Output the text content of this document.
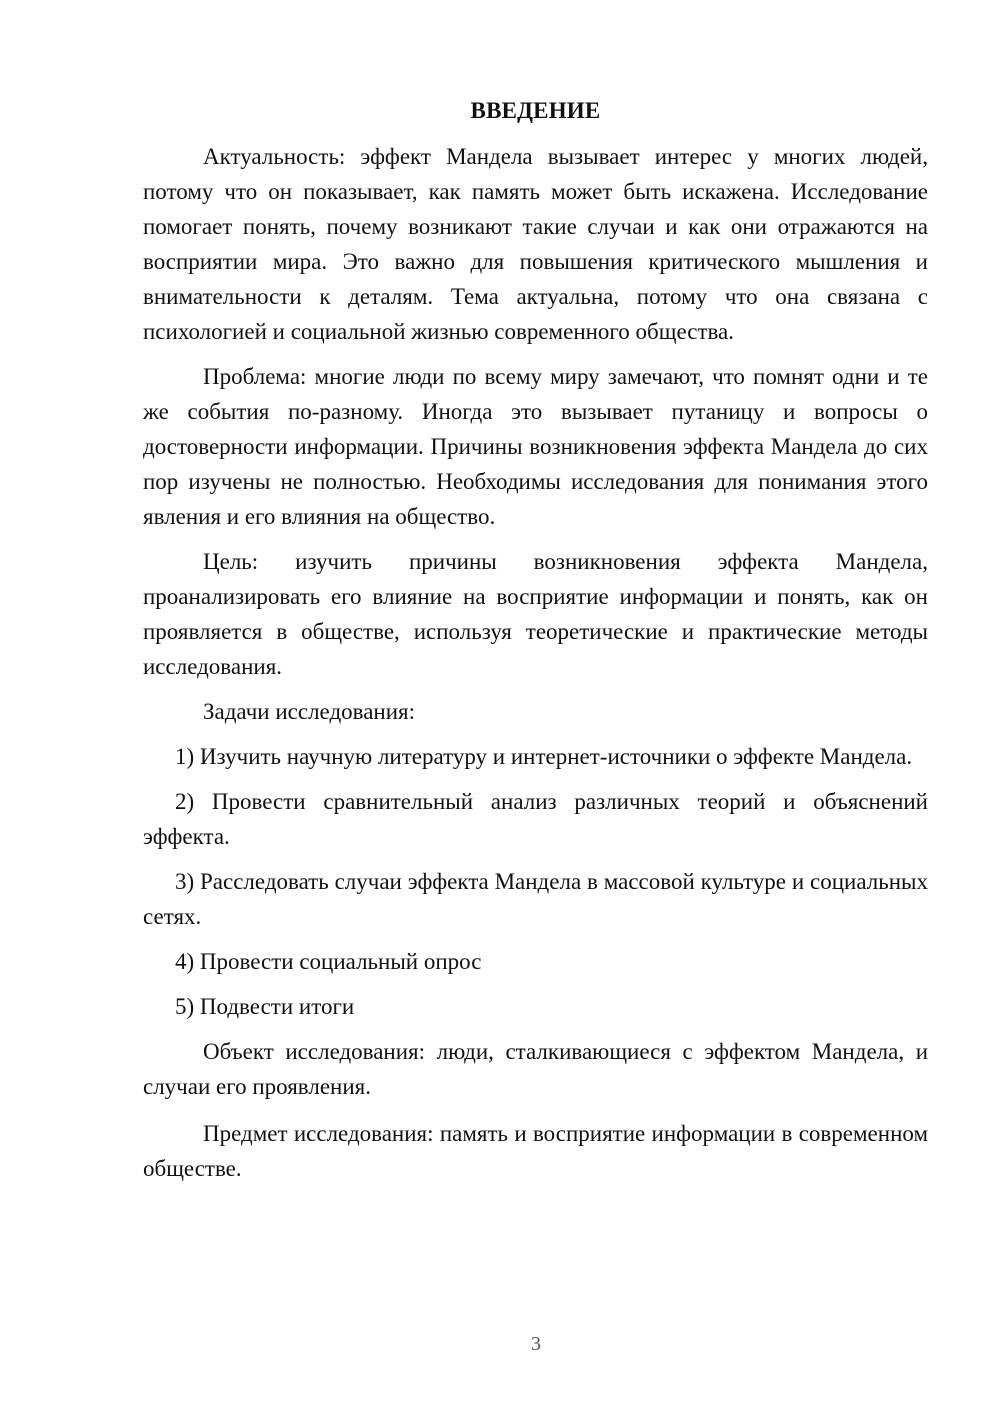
ВВЕДЕНИЕ

Актуальность: эффект Мандела вызывает интерес у многих людей, потому что он показывает, как память может быть искажена. Исследование помогает понять, почему возникают такие случаи и как они отражаются на восприятии мира. Это важно для повышения критического мышления и внимательности к деталям. Тема актуальна, потому что она связана с психологией и социальной жизнью современного общества.

Проблема: многие люди по всему миру замечают, что помнят одни и те же события по-разному. Иногда это вызывает путаницу и вопросы о достоверности информации. Причины возникновения эффекта Мандела до сих пор изучены не полностью. Необходимы исследования для понимания этого явления и его влияния на общество.

Цель: изучить причины возникновения эффекта Мандела, проанализировать его влияние на восприятие информации и понять, как он проявляется в обществе, используя теоретические и практические методы исследования.

Задачи исследования:

1) Изучить научную литературу и интернет-источники о эффекте Мандела.

2) Провести сравнительный анализ различных теорий и объяснений эффекта.

3) Расследовать случаи эффекта Мандела в массовой культуре и социальных сетях.

4) Провести социальный опрос

5) Подвести итоги

Объект исследования: люди, сталкивающиеся с эффектом Мандела, и случаи его проявления.

Предмет исследования: память и восприятие информации в современном обществе.

3
